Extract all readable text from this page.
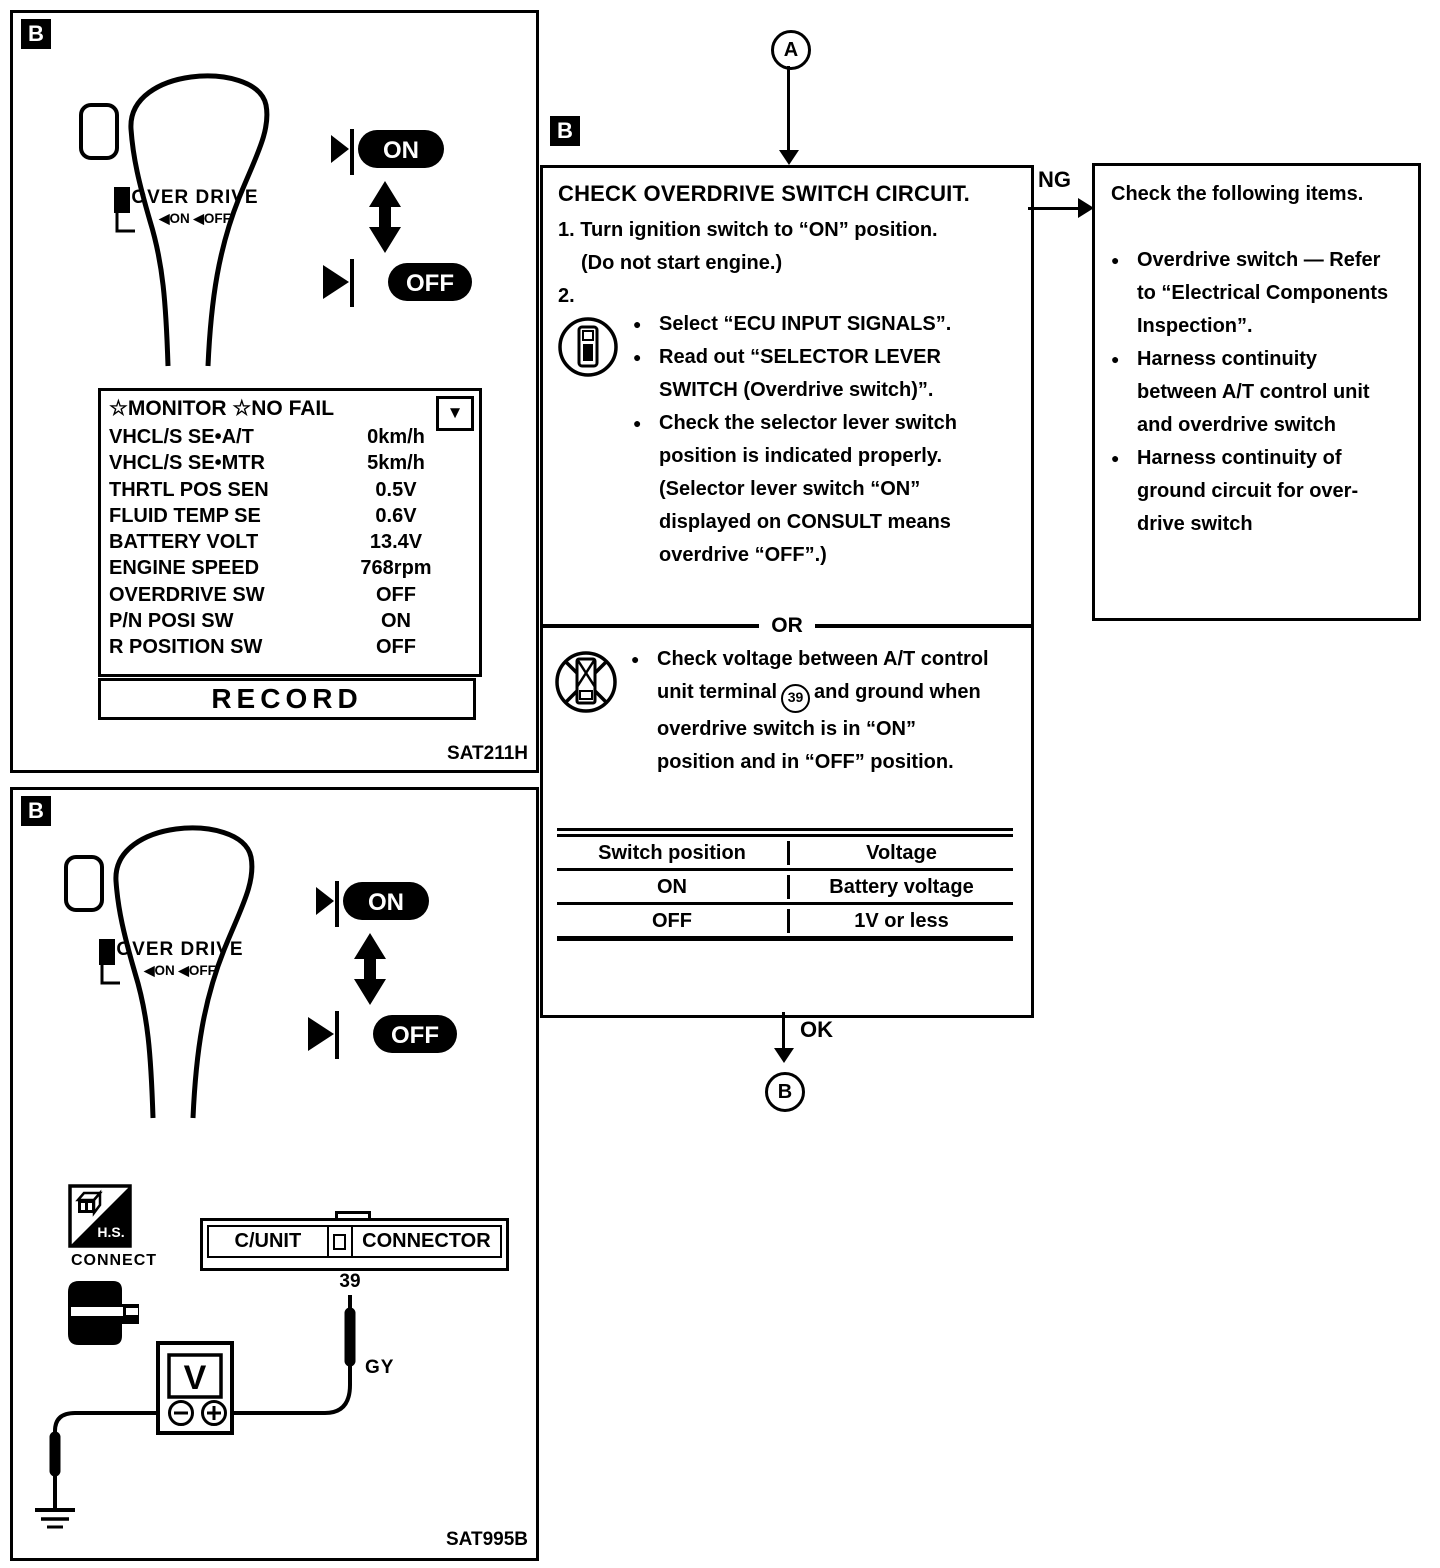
B
OVER DRIVE
◀ON ◀OFF
ON
OFF
☆MONITOR ☆NO FAIL	▼
VHCL/S SE•A/T	0km/h
VHCL/S SE•MTR	5km/h
THRTL POS SEN	0.5V
FLUID TEMP SE	0.6V
BATTERY VOLT	13.4V
ENGINE SPEED	768rpm
OVERDRIVE SW	OFF
P/N POSI SW	ON
R POSITION SW	OFF
RECORD
SAT211H
B
OVER DRIVE
◀ON ◀OFF
ON
OFF
H.S.
CONNECT
C/UNIT	CONNECTOR
39
GY
V
SAT995B
A
B
CHECK OVERDRIVE SWITCH CIRCUIT.
1. Turn ignition switch to “ON” position.
(Do not start engine.)
2.
● Select “ECU INPUT SIGNALS”.
● Read out “SELECTOR LEVER SWITCH (Overdrive switch)”.
● Check the selector lever switch position is indicated properly. (Selector lever switch “ON” displayed on CONSULT means overdrive “OFF”.)
OR
● Check voltage between A/T control unit terminal 39 and ground when overdrive switch is in “ON” position and in “OFF” position.
Switch position	Voltage
ON	Battery voltage
OFF	1V or less
NG
Check the following items.
● Overdrive switch — Refer to “Electrical Components Inspection”.
● Harness continuity between A/T control unit and overdrive switch
● Harness continuity of ground circuit for over-drive switch
OK
B
